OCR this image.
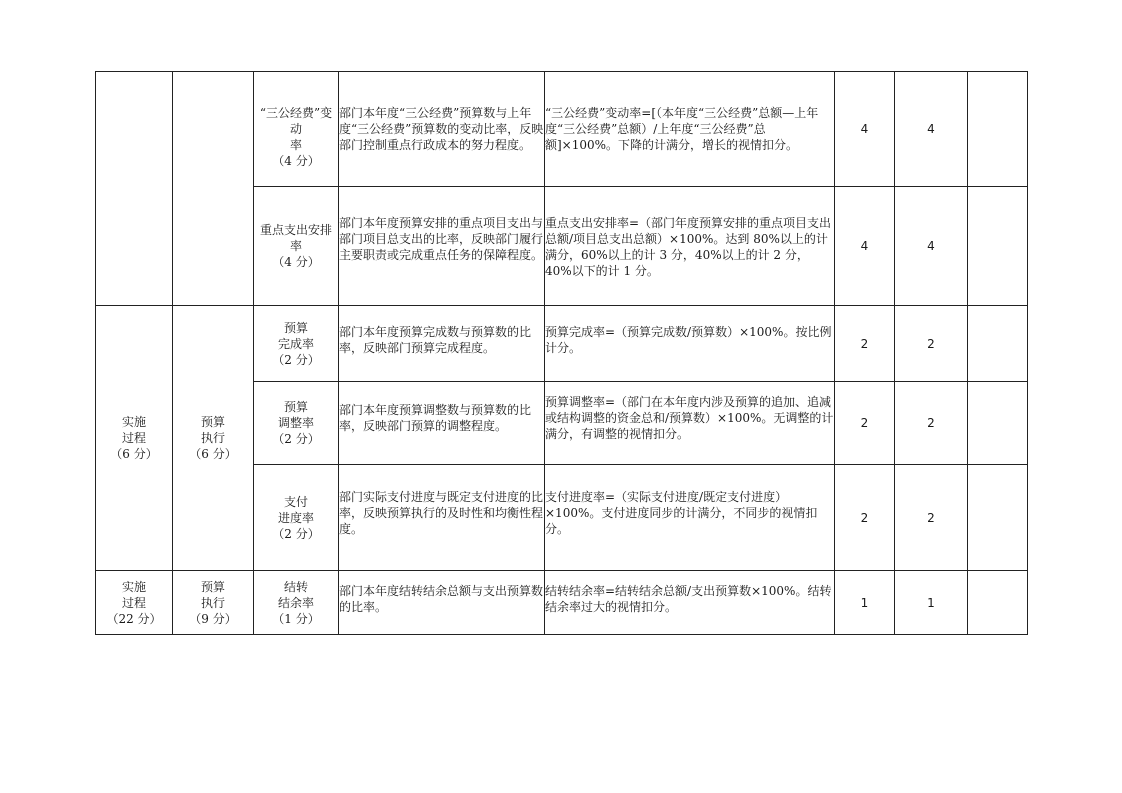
		“三公经费”变动
率
（4 分）	部门本年度“三公经费”预算数与上年度“三公经费”预算数的变动比率，反映部门控制重点行政成本的努力程度。	“三公经费”变动率=[（本年度“三公经费”总额—上年度“三公经费”总额）/上年度“三公经费”总额]×100%。下降的计满分，增长的视情扣分。	4	4	

		重点支出安排
率
（4 分）	部门本年度预算安排的重点项目支出与部门项目总支出的比率，反映部门履行主要职责或完成重点任务的保障程度。	重点支出安排率=（部门年度预算安排的重点项目支出总额/项目总支出总额）×100%。达到 80%以上的计满分，60%以上的计 3 分，40%以上的计 2 分，40%以下的计 1 分。	4	4	

实施
过程
（6 分）	预算
执行
（6 分）	预算
完成率
（2 分）	部门本年度预算完成数与预算数的比率，反映部门预算完成程度。	预算完成率=（预算完成数/预算数）×100%。按比例计分。	2	2	

		预算
调整率
（2 分）	部门本年度预算调整数与预算数的比率，反映部门预算的调整程度。	预算调整率=（部门在本年度内涉及预算的追加、追减或结构调整的资金总和/预算数）×100%。无调整的计满分，有调整的视情扣分。	2	2	

		支付
进度率
（2 分）	部门实际支付进度与既定支付进度的比率，反映预算执行的及时性和均衡性程度。	支付进度率=（实际支付进度/既定支付进度）×100%。支付进度同步的计满分，不同步的视情扣分。	2	2	

实施
过程
（22 分）	预算
执行
（9 分）	结转
结余率
（1 分）	部门本年度结转结余总额与支出预算数的比率。	结转结余率=结转结余总额/支出预算数×100%。结转结余率过大的视情扣分。	1	1	
